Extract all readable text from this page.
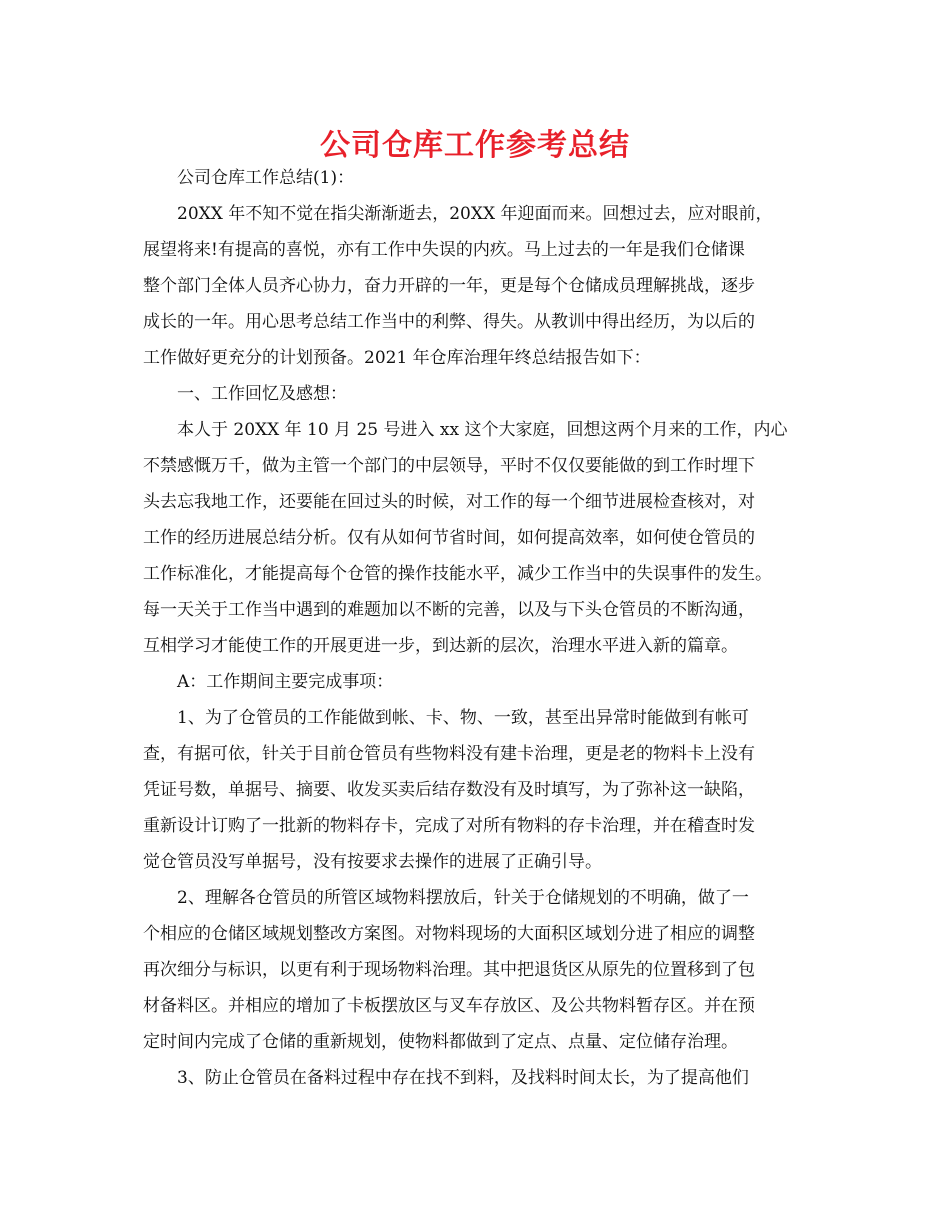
公司仓库工作参考总结
公司仓库工作总结(1)：
20XX 年不知不觉在指尖渐渐逝去，20XX 年迎面而来。回想过去，应对眼前，
展望将来!有提高的喜悦，亦有工作中失误的内疚。马上过去的一年是我们仓储课
整个部门全体人员齐心协力，奋力开辟的一年，更是每个仓储成员理解挑战，逐步
成长的一年。用心思考总结工作当中的利弊、得失。从教训中得出经历，为以后的
工作做好更充分的计划预备。2021 年仓库治理年终总结报告如下：
一、工作回忆及感想：
本人于 20XX 年 10 月 25 号进入 xx 这个大家庭，回想这两个月来的工作，内心
不禁感慨万千，做为主管一个部门的中层领导，平时不仅仅要能做的到工作时埋下
头去忘我地工作，还要能在回过头的时候，对工作的每一个细节进展检查核对，对
工作的经历进展总结分析。仅有从如何节省时间，如何提高效率，如何使仓管员的
工作标准化，才能提高每个仓管的操作技能水平，减少工作当中的失误事件的发生。
每一天关于工作当中遇到的难题加以不断的完善，以及与下头仓管员的不断沟通，
互相学习才能使工作的开展更进一步，到达新的层次，治理水平进入新的篇章。
A：工作期间主要完成事项：
1、为了仓管员的工作能做到帐、卡、物、一致，甚至出异常时能做到有帐可
查，有据可依，针关于目前仓管员有些物料没有建卡治理，更是老的物料卡上没有
凭证号数，单据号、摘要、收发买卖后结存数没有及时填写，为了弥补这一缺陷，
重新设计订购了一批新的物料存卡，完成了对所有物料的存卡治理，并在稽查时发
觉仓管员没写单据号，没有按要求去操作的进展了正确引导。
2、理解各仓管员的所管区域物料摆放后，针关于仓储规划的不明确，做了一
个相应的仓储区域规划整改方案图。对物料现场的大面积区域划分进了相应的调整
再次细分与标识，以更有利于现场物料治理。其中把退货区从原先的位置移到了包
材备料区。并相应的增加了卡板摆放区与叉车存放区、及公共物料暂存区。并在预
定时间内完成了仓储的重新规划，使物料都做到了定点、点量、定位储存治理。
3、防止仓管员在备料过程中存在找不到料，及找料时间太长，为了提高他们
